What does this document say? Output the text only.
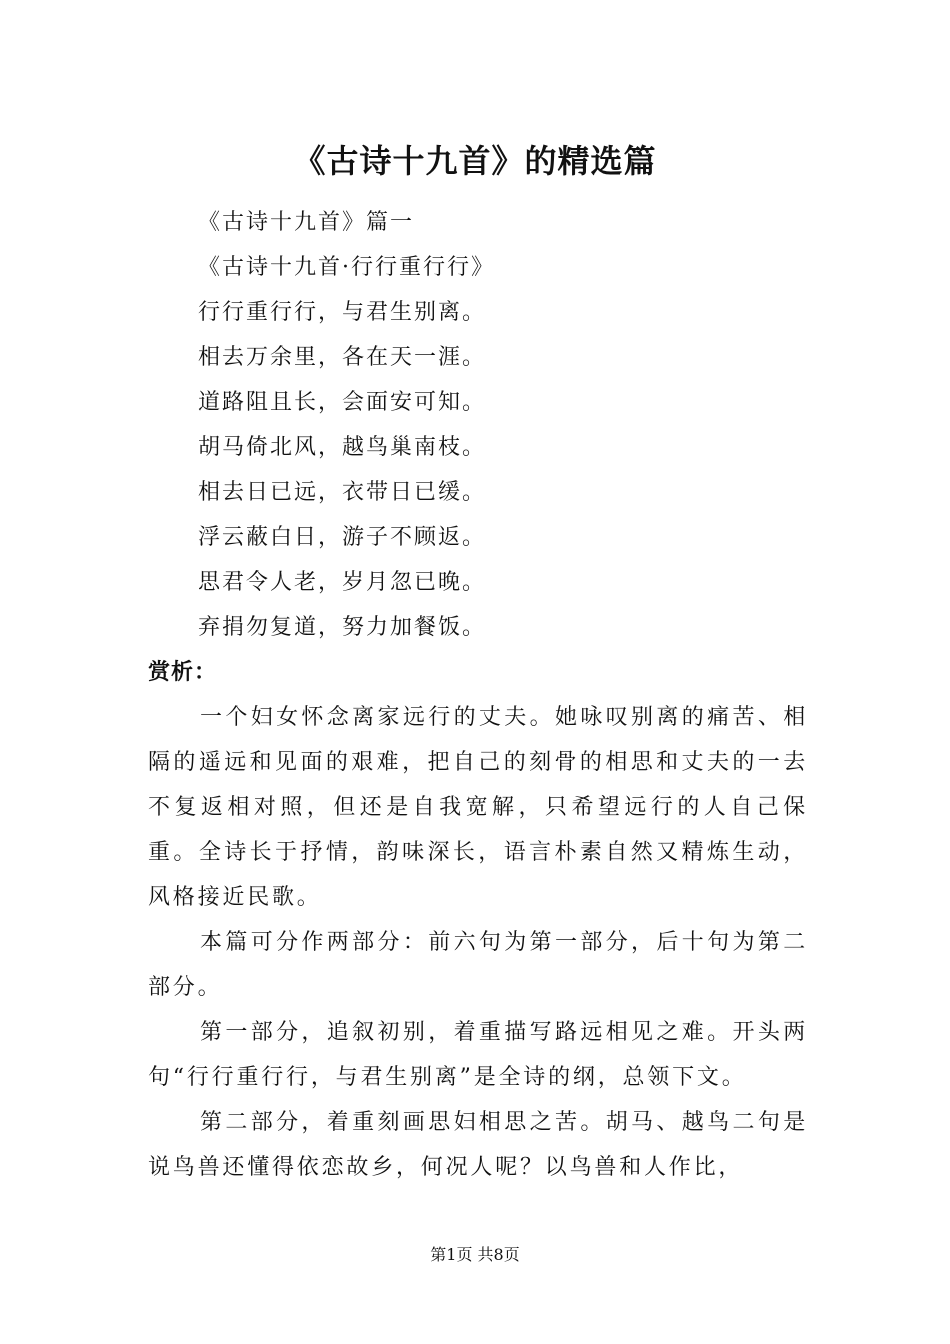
《古诗十九首》的精选篇
《古诗十九首》篇一
《古诗十九首·行行重行行》
行行重行行，与君生别离。
相去万余里，各在天一涯。
道路阻且长，会面安可知。
胡马倚北风，越鸟巢南枝。
相去日已远，衣带日已缓。
浮云蔽白日，游子不顾返。
思君令人老，岁月忽已晚。
弃捐勿复道，努力加餐饭。
赏析：

一个妇女怀念离家远行的丈夫。她咏叹别离的痛苦、相隔的遥远和见面的艰难，把自己的刻骨的相思和丈夫的一去不复返相对照，但还是自我宽解，只希望远行的人自己保重。全诗长于抒情，韵味深长，语言朴素自然又精炼生动，风格接近民歌。

本篇可分作两部分：前六句为第一部分，后十句为第二部分。

第一部分，追叙初别，着重描写路远相见之难。开头两句“行行重行行，与君生别离”是全诗的纲，总领下文。

第二部分，着重刻画思妇相思之苦。胡马、越鸟二句是说鸟兽还懂得依恋故乡，何况人呢？以鸟兽和人作比，

第1页 共8页
